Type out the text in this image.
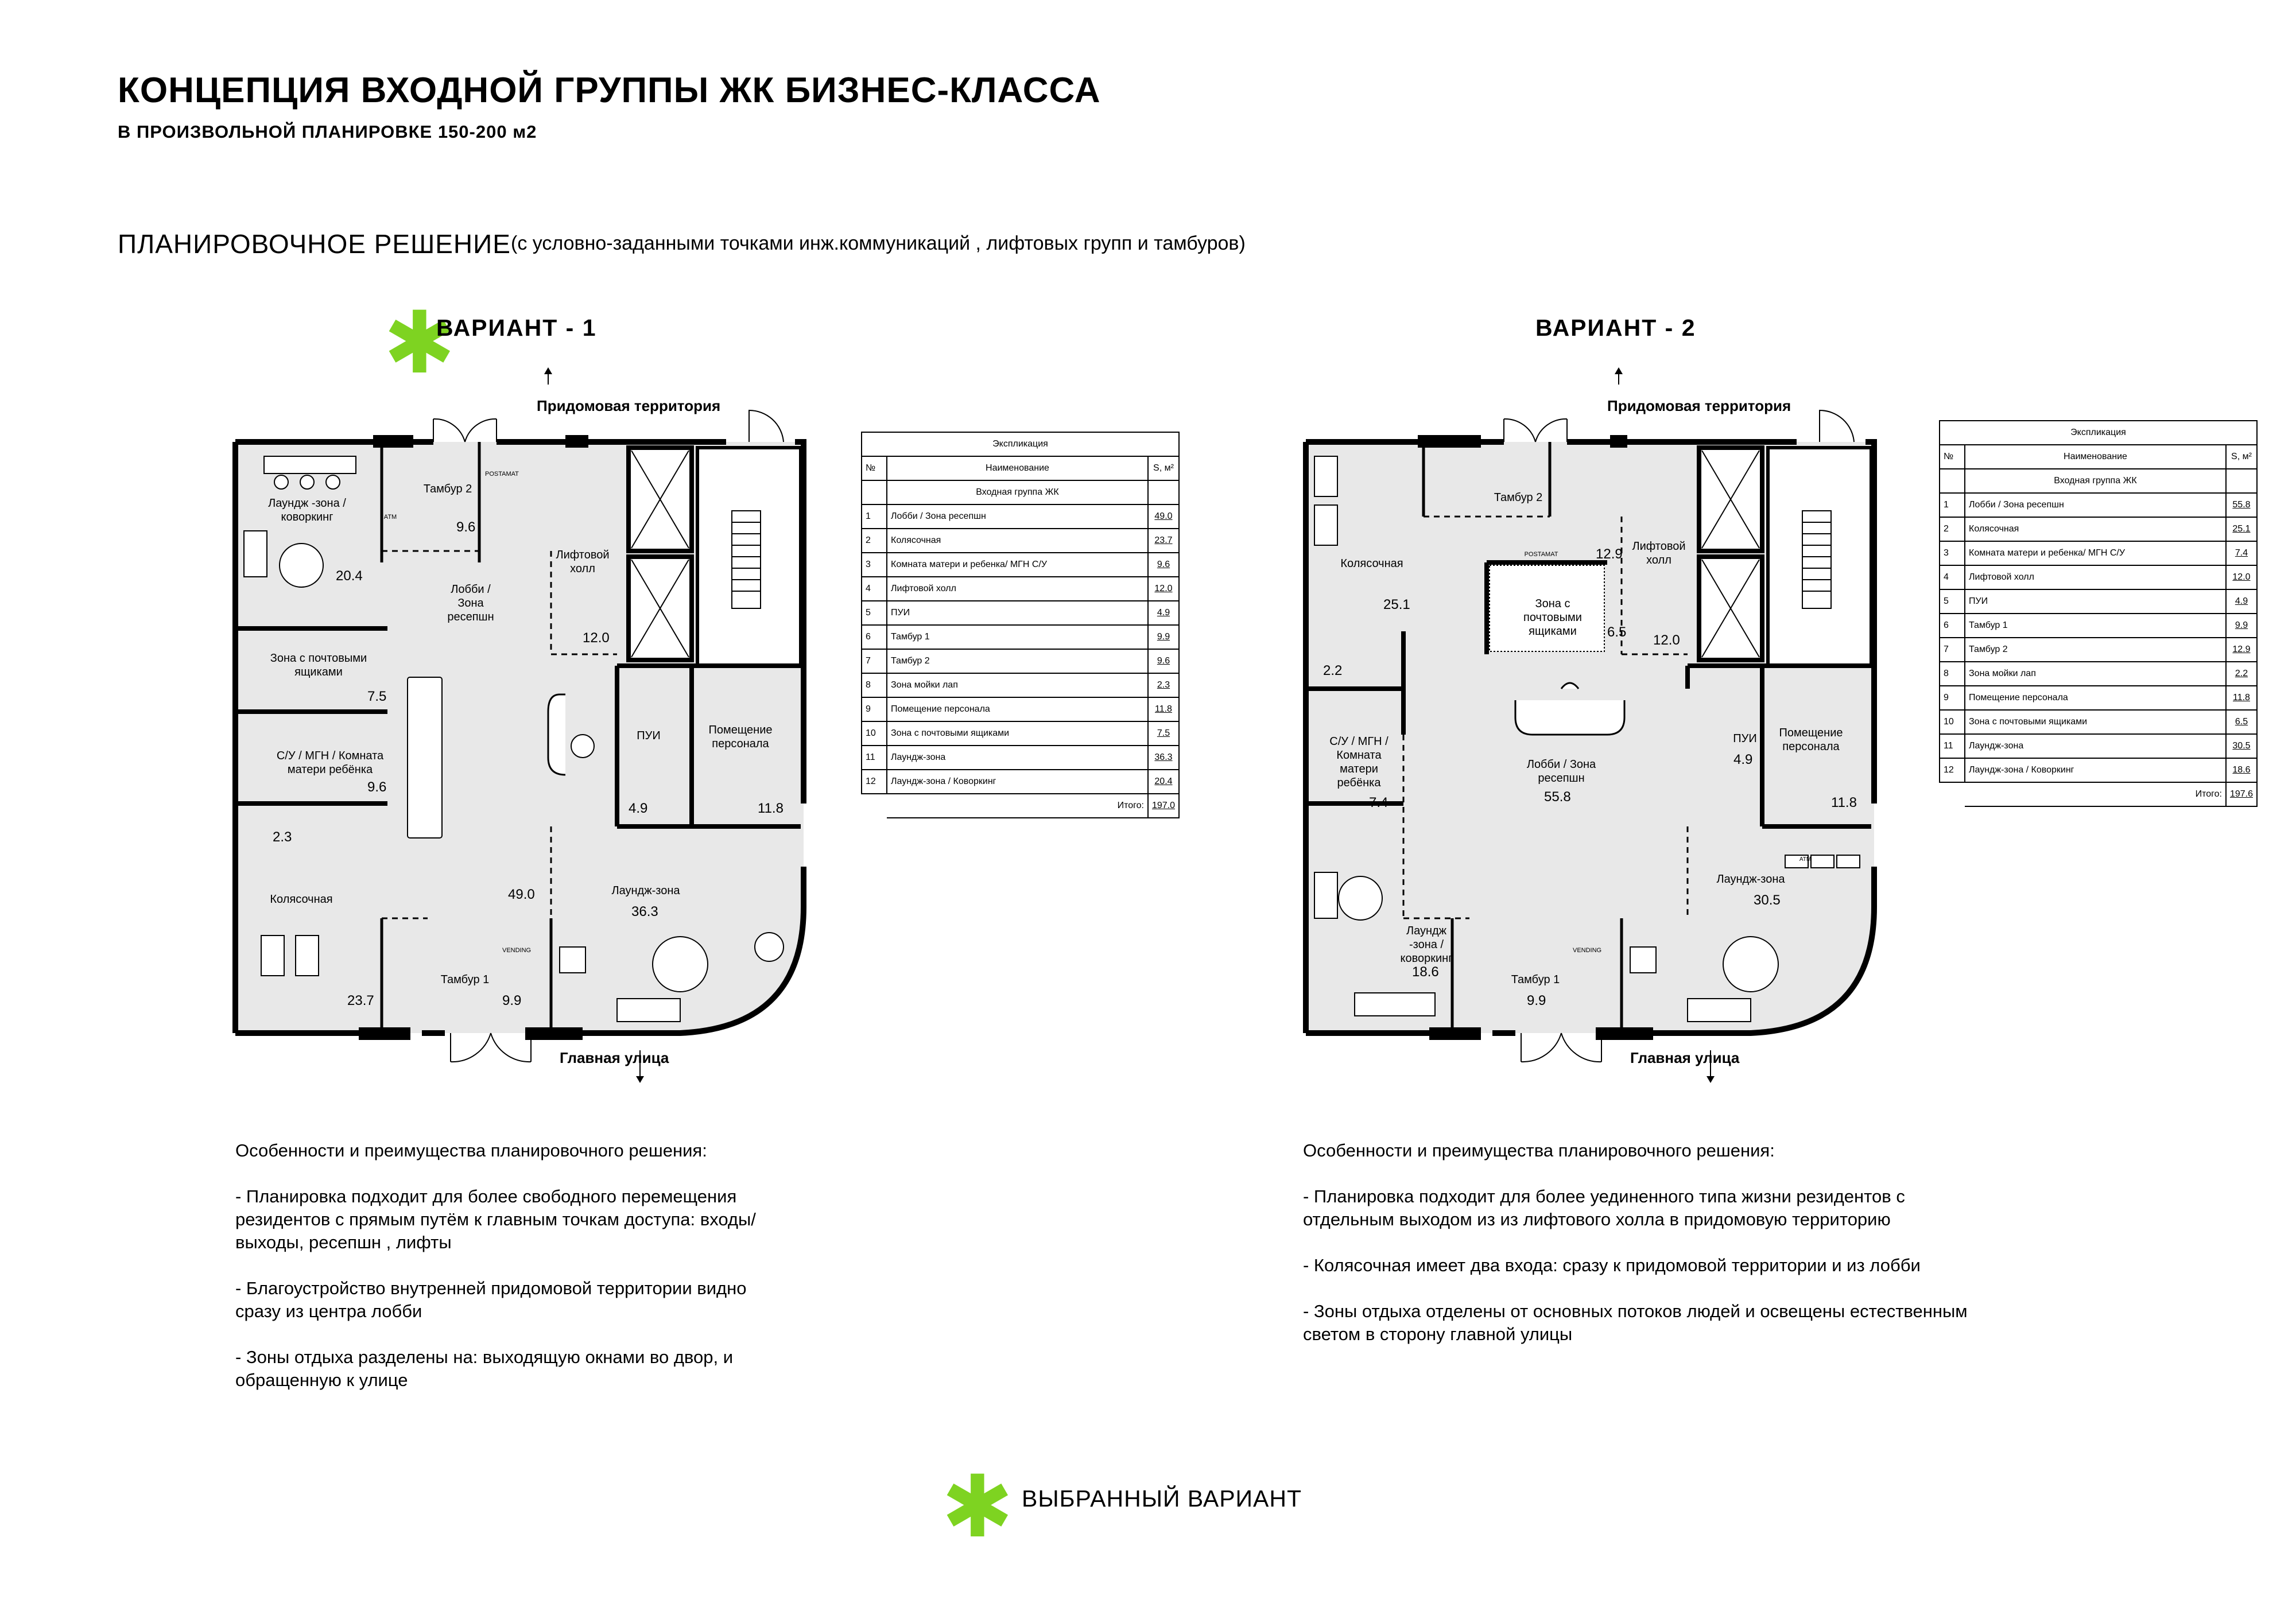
КОНЦЕПЦИЯ ВХОДНОЙ ГРУППЫ ЖК БИЗНЕС-КЛАССА
В ПРОИЗВОЛЬНОЙ ПЛАНИРОВКЕ 150-200 м2
ПЛАНИРОВОЧНОЕ РЕШЕНИЕ (с условно-заданными точками инж.коммуникаций , лифтовых групп и тамбуров)
✱
ВАРИАНТ - 1	ВАРИАНТ - 2
Придомовая территория
Главная улица
Лаундж -зона / коворкинг
Тамбур 2
POSTAMAT
ATM
Лобби / Зона ресепшн
Лифтовой холл
Зона с почтовыми ящиками
С/У / МГН / Комната матери ребёнка
ПУИ	Помещение персонала
Колясочная
Лаундж-зона
Тамбур 1
VENDING
20.4
9.6
12.0
7.5
9.6
2.3
4.9	11.8
49.0
36.3
23.7	9.9
Экспликация		
№	Наименование	S, м²
	Входная группа ЖК	
1	Лобби / Зона ресепшн	49.0
2	Колясочная	23.7
3	Комната матери и ребенка/ МГН С/У	9.6
4	Лифтовой холл	12.0
5	ПУИ	4.9
6	Тамбур 1	9.9
7	Тамбур 2	9.6
8	Зона мойки лап	2.3
9	Помещение персонала	11.8
10	Зона с почтовыми ящиками	7.5
11	Лаундж-зона	36.3
12	Лаундж-зона / Коворкинг	20.4
	Итого:	197.0
Придомовая территория
Главная улица
Тамбур 2
Колясочная
POSTAMAT
Лифтовой холл
Зона с почтовыми ящиками
Лобби / Зона ресепшн
ПУИ	Помещение персонала
С/У / МГН / Комната матери ребёнка
ATM
Лаундж-зона
Лаундж -зона / коворкинг
Тамбур 1
VENDING
25.1
12.9
6.5
12.0
2.2
55.8
4.9
7.4	11.8
30.5
18.6
9.9
Экспликация		
№	Наименование	S, м²
	Входная группа ЖК	
1	Лобби / Зона ресепшн	55.8
2	Колясочная	25.1
3	Комната матери и ребенка/ МГН С/У	7.4
4	Лифтовой холл	12.0
5	ПУИ	4.9
6	Тамбур 1	9.9
7	Тамбур 2	12.9
8	Зона мойки лап	2.2
9	Помещение персонала	11.8
10	Зона с почтовыми ящиками	6.5
11	Лаундж-зона	30.5
12	Лаундж-зона / Коворкинг	18.6
	Итого:	197.6

Особенности и преимущества планировочного решения:

- Планировка подходит для более свободного перемещения резидентов с прямым путём к главным точкам доступа: входы/выходы, ресепшн , лифты

- Благоустройство внутренней придомовой территории видно сразу из центра лобби

- Зоны отдыха разделены на: выходящую окнами во двор, и обращенную к улице

Особенности и преимущества планировочного решения:

- Планировка подходит для более уединенного типа жизни резидентов с отдельным выходом из из лифтового холла в придомовую территорию

- Колясочная имеет два входа: сразу к придомовой территории и из лобби

- Зоны отдыха отделены от основных потоков людей и освещены естественным светом в сторону главной улицы

✱ ВЫБРАННЫЙ ВАРИАНТ
